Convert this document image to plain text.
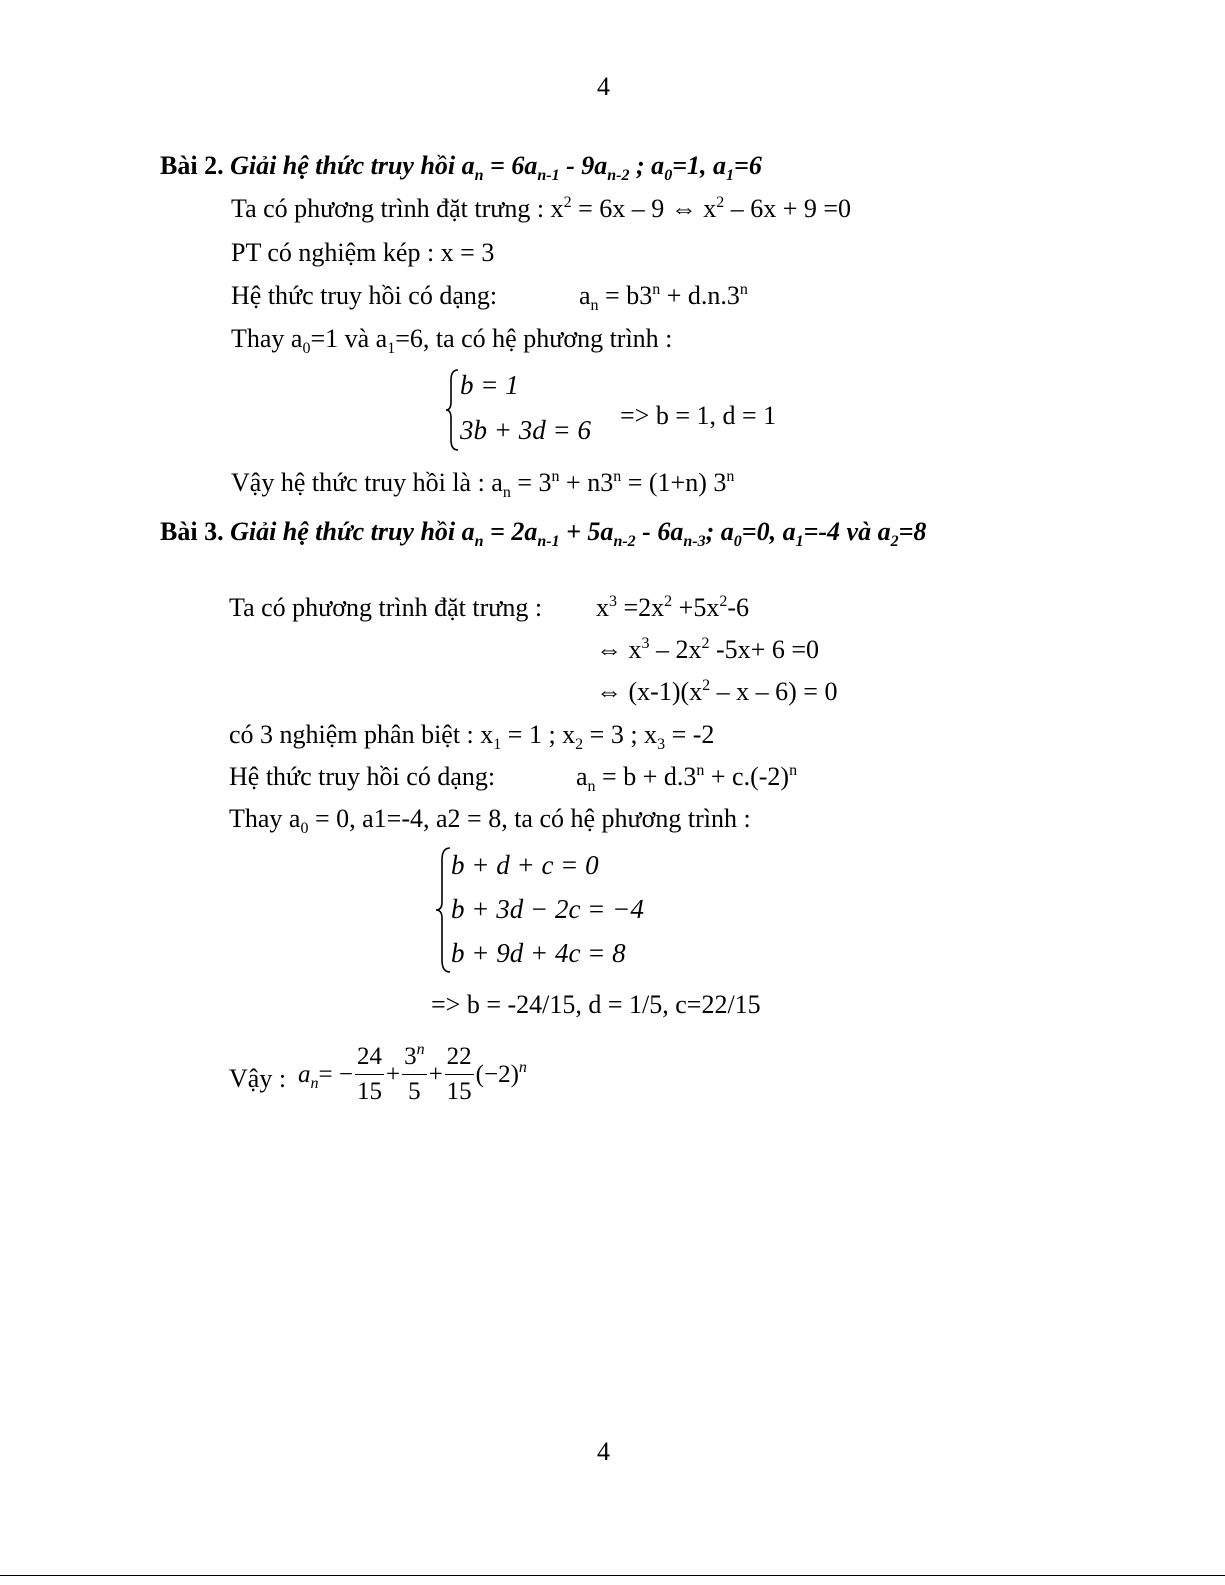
4
Bài 2. Giải hệ thức truy hồi $a_n = 6a_{n-1} - 9a_{n-2}$ ; $a_0=1$, $a_1=6$
Ta có phương trình đặt trưng : $x^2 = 6x - 9$ ⇔ $x^2 - 6x + 9 =0$
PT có nghiệm kép : x = 3
Hệ thức truy hồi có dạng:	$a_n = b3^n + d.n.3^n$
Thay $a_0=1$ và $a_1=6$, ta có hệ phương trình :
b = 1
3b + 3d = 6 => b = 1, d = 1
Vậy hệ thức truy hồi là : $a_n = 3^n + n3^n = (1+n)$ 3$^n$
Bài 3. Giải hệ thức truy hồi $a_n = 2a_{n-1} + 5a_{n-2} - 6a_{n-3}$; $a_0=0$, $a_1=-4$ và $a_2=8$
Ta có phương trình đặt trưng : $x^3 =2x^2 +5x^2-6$
⇔ $x^3 - 2x^2$ -5x+ 6 =0
⇔ $(x-1)(x^2 - x - 6) = 0$
có 3 nghiệm phân biệt : $x_1 = 1$ ; $x_2 = 3$ ; $x_3 = -2$
Hệ thức truy hồi có dạng:	$a_n = b + d.3^n + c.(-2)^n$
Thay $a_0 = 0$, a1=-4, a2 = 8, ta có hệ phương trình :
b + d + c = 0
b + 3d − 2c = −4
b + 9d + 4c = 8
=> b = -24/15, d = 1/5, c=22/15
Vậy : $a_n= - \frac{24}{15} + \frac{3^n}{5} + \frac{22}{15} (-2)^n$
4
